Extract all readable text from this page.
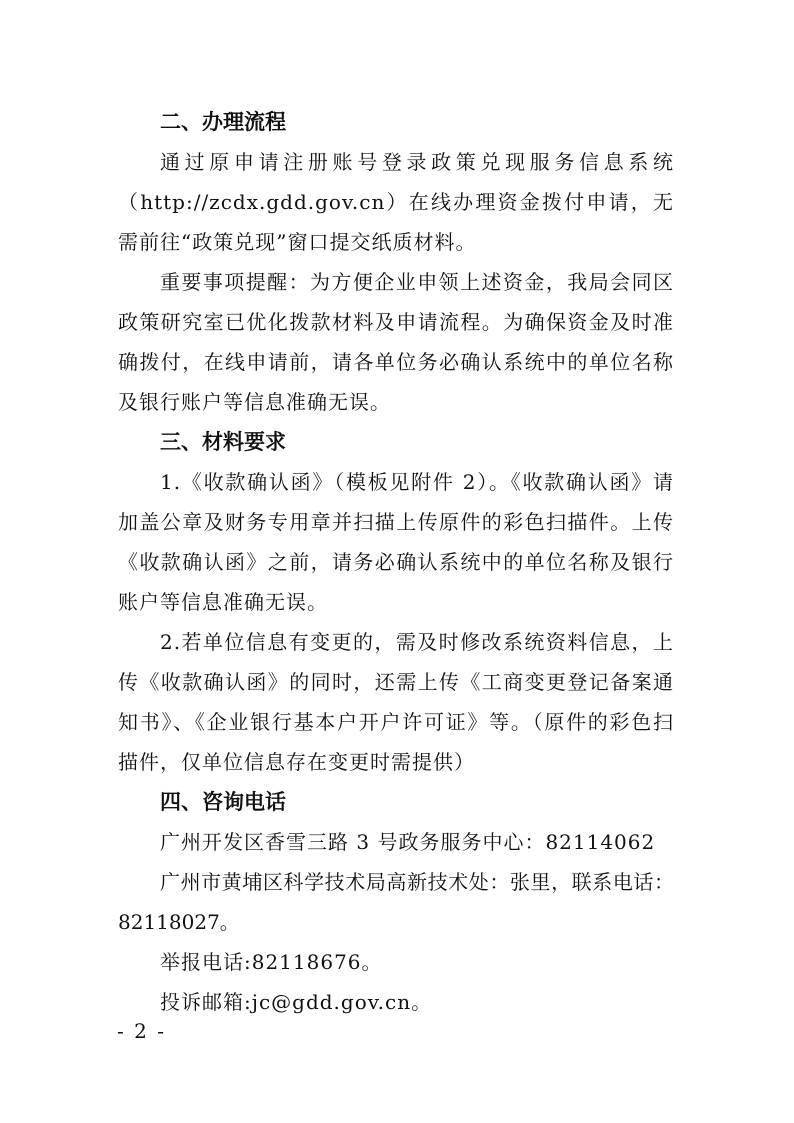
二、办理流程

通过原申请注册账号登录政策兑现服务信息系统（http://zcdx.gdd.gov.cn）在线办理资金拨付申请，无需前往“政策兑现”窗口提交纸质材料。

重要事项提醒：为方便企业申领上述资金，我局会同区政策研究室已优化拨款材料及申请流程。为确保资金及时准确拨付，在线申请前，请各单位务必确认系统中的单位名称及银行账户等信息准确无误。

三、材料要求

1.《收款确认函》（模板见附件 2）。《收款确认函》请加盖公章及财务专用章并扫描上传原件的彩色扫描件。上传《收款确认函》之前，请务必确认系统中的单位名称及银行账户等信息准确无误。

2.若单位信息有变更的，需及时修改系统资料信息，上传《收款确认函》的同时，还需上传《工商变更登记备案通知书》、《企业银行基本户开户许可证》等。（原件的彩色扫描件，仅单位信息存在变更时需提供）

四、咨询电话

广州开发区香雪三路 3 号政务服务中心：82114062

广州市黄埔区科学技术局高新技术处：张里，联系电话：82118027。

举报电话:82118676。

投诉邮箱:jc@gdd.gov.cn。

- 2 -
